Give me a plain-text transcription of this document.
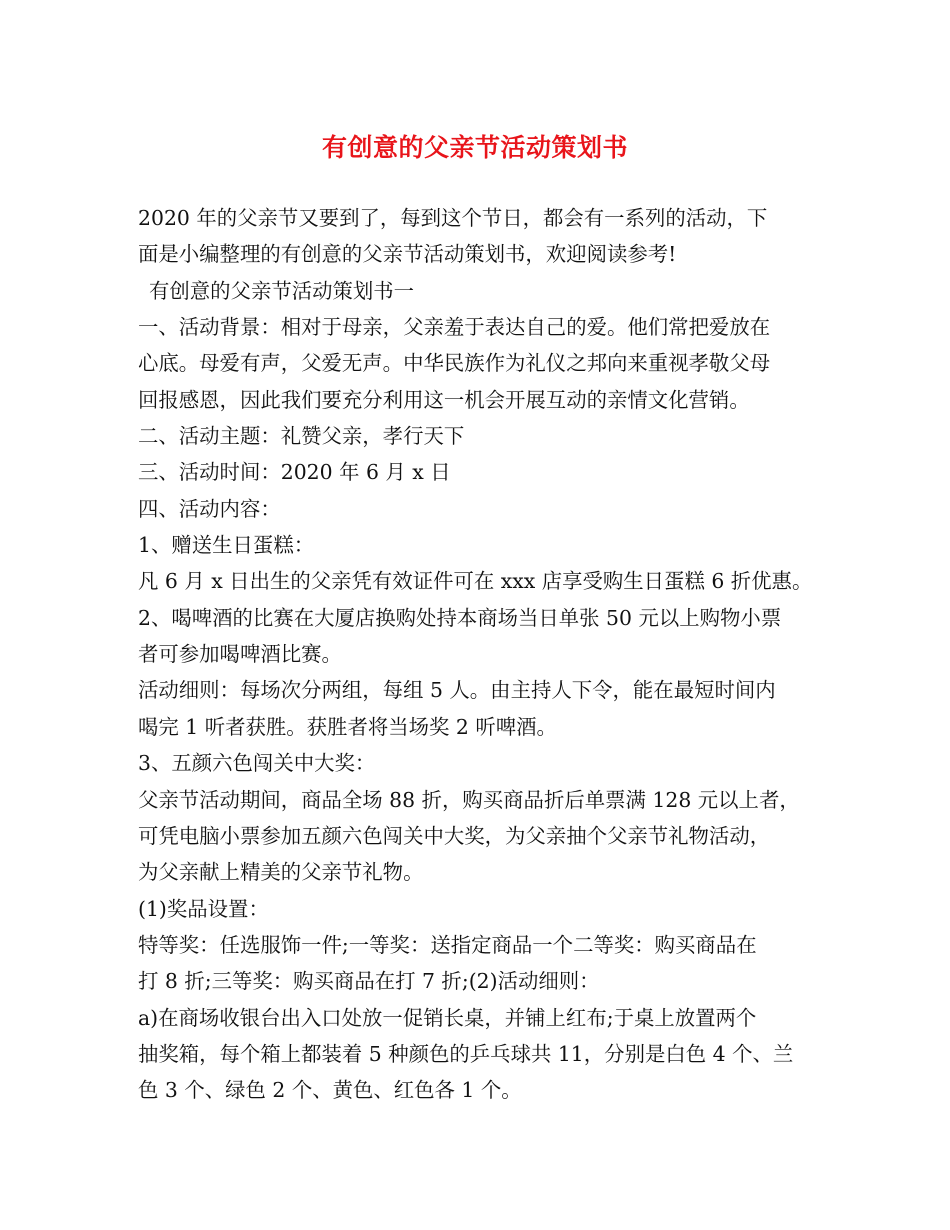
有创意的父亲节活动策划书
2020 年的父亲节又要到了，每到这个节日，都会有一系列的活动，下
面是小编整理的有创意的父亲节活动策划书，欢迎阅读参考!
有创意的父亲节活动策划书一
一、活动背景：相对于母亲，父亲羞于表达自己的爱。他们常把爱放在
心底。母爱有声，父爱无声。中华民族作为礼仪之邦向来重视孝敬父母
回报感恩，因此我们要充分利用这一机会开展互动的亲情文化营销。
二、活动主题：礼赞父亲，孝行天下
三、活动时间：2020 年 6 月 x 日
四、活动内容：
1、赠送生日蛋糕：
凡 6 月 x 日出生的父亲凭有效证件可在 xxx 店享受购生日蛋糕 6 折优惠。
2、喝啤酒的比赛在大厦店换购处持本商场当日单张 50 元以上购物小票
者可参加喝啤酒比赛。
活动细则：每场次分两组，每组 5 人。由主持人下令，能在最短时间内
喝完 1 听者获胜。获胜者将当场奖 2 听啤酒。
3、五颜六色闯关中大奖：
父亲节活动期间，商品全场 88 折，购买商品折后单票满 128 元以上者，
可凭电脑小票参加五颜六色闯关中大奖，为父亲抽个父亲节礼物活动，
为父亲献上精美的父亲节礼物。
(1)奖品设置：
特等奖：任选服饰一件;一等奖：送指定商品一个二等奖：购买商品在
打 8 折;三等奖：购买商品在打 7 折;(2)活动细则：
a)在商场收银台出入口处放一促销长桌，并铺上红布;于桌上放置两个
抽奖箱，每个箱上都装着 5 种颜色的乒乓球共 11，分别是白色 4 个、兰
色 3 个、绿色 2 个、黄色、红色各 1 个。
